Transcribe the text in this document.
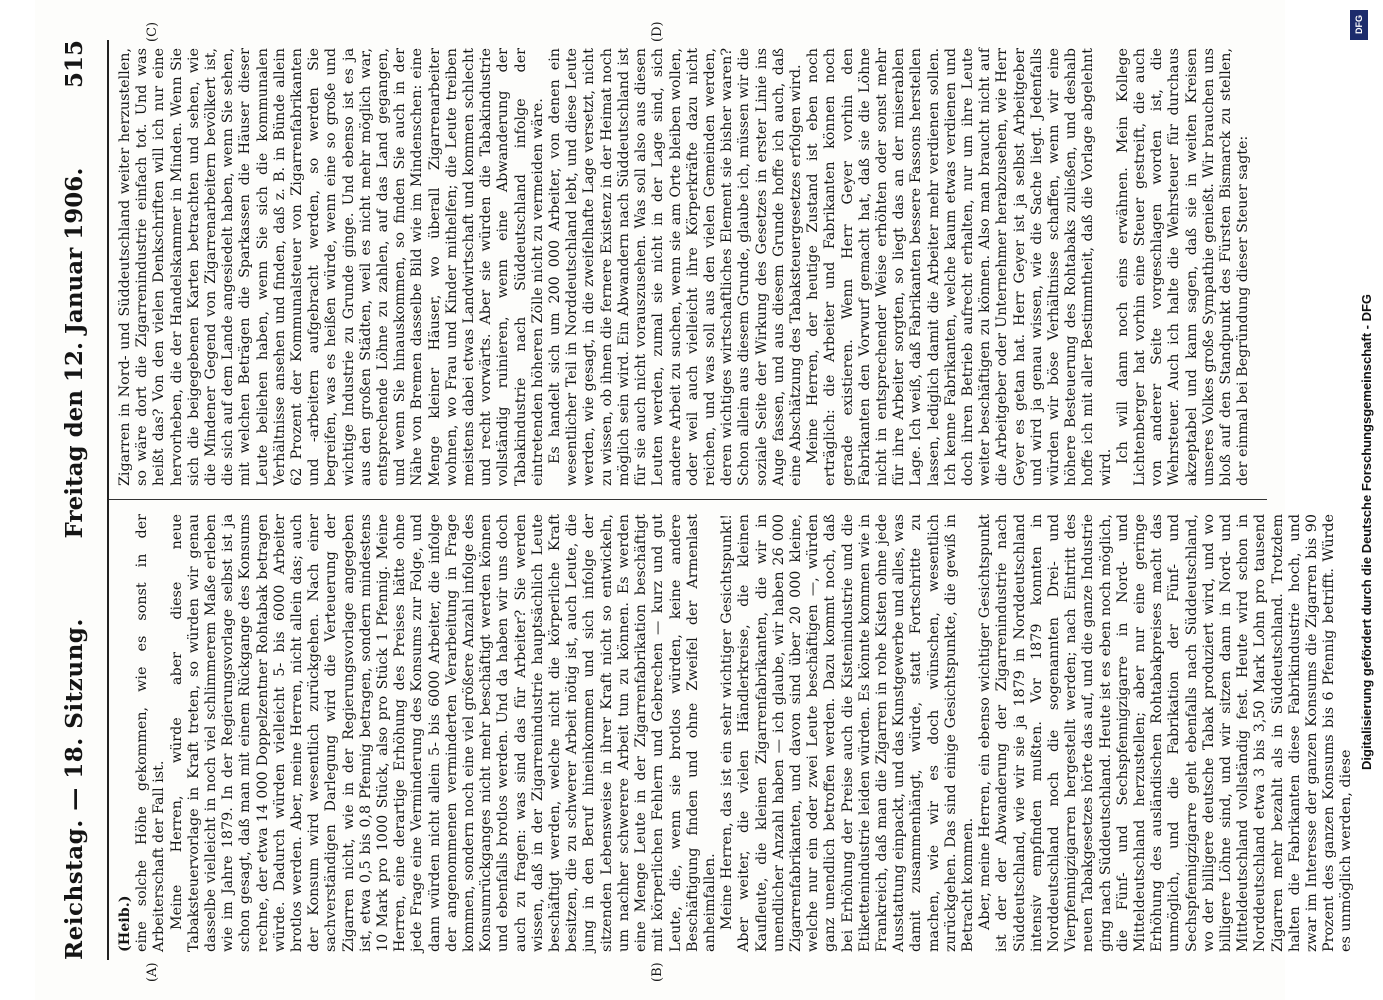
Reichstag. — 18. Sitzung.
Freitag den 12. Januar 1906.
515
(A)	(B)
(C)	(D)

(Heib.) eine solche Höhe gekommen, wie es sonst in der Arbeiterschaft der Fall ist. Meine Herren, würde aber diese neue Tabaksteuervorlage in Kraft treten, so würden wir genau dasselbe vielleicht in noch viel schlimmerem Maße erleben wie im Jahre 1879. In der Regierungsvorlage selbst ist ja schon gesagt, daß man mit einem Rückgange des Konsums rechne, der etwa 14 000 Doppelzentner Rohtabak betragen würde. Dadurch würden vielleicht 5- bis 6000 Arbeiter brotlos werden. Aber, meine Herren, nicht allein das; auch der Konsum wird wesentlich zurückgehen. Nach einer sachverständigen Darlegung wird die Verteuerung der Zigarren nicht, wie in der Regierungsvorlage angegeben ist, etwa 0,5 bis 0,8 Pfennig betragen, sondern mindestens 10 Mark pro 1000 Stück, also pro Stück 1 Pfennig. Meine Herren, eine derartige Erhöhung des Preises hätte ohne jede Frage eine Verminderung des Konsums zur Folge, und dann würden nicht allein 5- bis 6000 Arbeiter, die infolge der angenommenen verminderten Verarbeitung in Frage kommen, sondern noch eine viel größere Anzahl infolge des Konsumrückganges nicht mehr beschäftigt werden können und ebenfalls brotlos werden. Und da haben wir uns doch auch zu fragen: was sind das für Arbeiter? Sie werden wissen, daß in der Zigarrenindustrie hauptsächlich Leute beschäftigt werden, welche nicht die körperliche Kraft besitzen, die zu schwerer Arbeit nötig ist, auch Leute, die jung in den Beruf hineinkommen und sich infolge der sitzenden Lebensweise in ihrer Kraft nicht so entwickeln, um nachher schwerere Arbeit tun zu können. Es werden eine Menge Leute in der Zigarrenfabrikation beschäftigt mit körperlichen Fehlern und Gebrechen — kurz und gut Leute, die, wenn sie brotlos würden, keine andere Beschäftigung finden und ohne Zweifel der Armenlast anheimfallen. Meine Herren, das ist ein sehr wichtiger Gesichtspunkt! Aber weiter, die vielen Händlerkreise, die kleinen Kaufleute, die kleinen Zigarrenfabrikanten, die wir in unendlicher Anzahl haben — ich glaube, wir haben 26 000 Zigarrenfabrikanten, und davon sind über 20 000 kleine, welche nur ein oder zwei Leute beschäftigen —, würden ganz unendlich betroffen werden. Dazu kommt noch, daß bei Erhöhung der Preise auch die Kistenindustrie und die Etikettenindustrie leiden würden. Es könnte kommen wie in Frankreich, daß man die Zigarren in rohe Kisten ohne jede Ausstattung einpackt, und das Kunstgewerbe und alles, was damit zusammenhängt, würde, statt Fortschritte zu machen, wie wir es doch wünschen, wesentlich zurückgehen. Das sind einige Gesichtspunkte, die gewiß in Betracht kommen. Aber, meine Herren, ein ebenso wichtiger Gesichtspunkt ist der der Abwanderung der Zigarrenindustrie nach Süddeutschland, wie wir sie ja 1879 in Norddeutschland intensiv empfinden mußten. Vor 1879 konnten in Norddeutschland noch die sogenannten Drei- und Vierpfennigzigarren hergestellt werden; nach Eintritt des neuen Tabakgesetzes hörte das auf, und die ganze Industrie ging nach Süddeutschland. Heute ist es eben noch möglich, die Fünf- und Sechspfennigzigarre in Nord- und Mitteldeutschland herzustellen; aber nur eine geringe Erhöhung des ausländischen Rohtabakpreises macht das unmöglich, und die Fabrikation der Fünf- und Sechspfennigzigarre geht ebenfalls nach Süddeutschland, wo der billigere deutsche Tabak produziert wird, und wo billigere Löhne sind, und wir sitzen dann in Nord- und Mitteldeutschland vollständig fest. Heute wird schon in Norddeutschland etwa 3 bis 3,50 Mark Lohn pro tausend Zigarren mehr bezahlt als in Süddeutschland. Trotzdem halten die Fabrikanten diese Fabrikindustrie hoch, und zwar im Interesse der ganzen Konsums die Zigarren bis 90 Prozent des ganzen Konsums bis 6 Pfennig betrifft. Würde es unmöglich werden, diese

Zigarren in Nord- und Süddeutschland weiter herzustellen, so wäre dort die Zigarrenindustrie einfach tot. Und was heißt das? Von den vielen Denkschriften will ich nur eine hervorheben, die der Handelskammer in Minden. Wenn Sie sich die beigegebenen Karten betrachten und sehen, wie die Mindener Gegend von Zigarrenarbeitern bevölkert ist, die sich auf dem Lande angesiedelt haben, wenn Sie sehen, mit welchen Beträgen die Sparkassen die Häuser dieser Leute beliehen haben, wenn Sie sich die kommunalen Verhältnisse ansehen und finden, daß z. B. in Bünde allein 62 Prozent der Kommunalsteuer von Zigarrenfabrikanten und -arbeitern aufgebracht werden, so werden Sie begreifen, was es heißen würde, wenn eine so große und wichtige Industrie zu Grunde ginge. Und ebenso ist es ja aus den großen Städten, weil es nicht mehr möglich war, entsprechende Löhne zu zahlen, auf das Land gegangen, und wenn Sie hinauskommen, so finden Sie auch in der Nähe von Bremen dasselbe Bild wie im Mindenschen: eine Menge kleiner Häuser, wo überall Zigarrenarbeiter wohnen, wo Frau und Kinder mithelfen; die Leute treiben meistens dabei etwas Landwirtschaft und kommen schlecht und recht vorwärts. Aber sie würden die Tabakindustrie vollständig ruinieren, wenn eine Abwanderung der Tabakindustrie nach Süddeutschland infolge der eintretenden höheren Zölle nicht zu vermeiden wäre. Es handelt sich um 200 000 Arbeiter, von denen ein wesentlicher Teil in Norddeutschland lebt, und diese Leute werden, wie gesagt, in die zweifelhafte Lage versetzt, nicht zu wissen, ob ihnen die fernere Existenz in der Heimat noch möglich sein wird. Ein Abwandern nach Süddeutschland ist für sie auch nicht vorauszusehen. Was soll also aus diesen Leuten werden, zumal sie nicht in der Lage sind, sich andere Arbeit zu suchen, wenn sie am Orte bleiben wollen, oder weil auch vielleicht ihre Körperkräfte dazu nicht reichen, und was soll aus den vielen Gemeinden werden, deren wichtiges wirtschaftliches Element sie bisher waren? Schon allein aus diesem Grunde, glaube ich, müssen wir die soziale Seite der Wirkung des Gesetzes in erster Linie ins Auge fassen, und aus diesem Grunde hoffe ich auch, daß eine Abschätzung des Tabaksteuergesetzes erfolgen wird. Meine Herren, der heutige Zustand ist eben noch erträglich: die Arbeiter und Fabrikanten können noch gerade existieren. Wenn Herr Geyer vorhin den Fabrikanten den Vorwurf gemacht hat, daß sie die Löhne nicht in entsprechender Weise erhöhten oder sonst mehr für ihre Arbeiter sorgten, so liegt das an der miserablen Lage. Ich weiß, daß Fabrikanten bessere Fassons herstellen lassen, lediglich damit die Arbeiter mehr verdienen sollen. Ich kenne Fabrikanten, welche kaum etwas verdienen und doch ihren Betrieb aufrecht erhalten, nur um ihre Leute weiter beschäftigen zu können. Also man braucht nicht auf die Arbeitgeber oder Unternehmer herabzusehen, wie Herr Geyer es getan hat. Herr Geyer ist ja selbst Arbeitgeber und wird ja genau wissen, wie die Sache liegt. Jedenfalls würden wir böse Verhältnisse schaffen, wenn wir eine höhere Besteuerung des Rohtabaks zuließen, und deshalb hoffe ich mit aller Bestimmtheit, daß die Vorlage abgelehnt wird.

Ich will dann noch eins erwähnen. Mein Kollege Lichtenberger hat vorhin eine Steuer gestreift, die auch von anderer Seite vorgeschlagen worden ist, die Wehrsteuer. Auch ich halte die Wehrsteuer für durchaus akzeptabel und kann sagen, daß sie in weiten Kreisen unseres Volkes große Sympathie genießt. Wir brauchen uns bloß auf den Standpunkt des Fürsten Bismarck zu stellen, der einmal bei Begründung dieser Steuer sagte:	Digitalisierung gefördert durch die Deutsche Forschungsgemeinschaft - DFG
DFG
